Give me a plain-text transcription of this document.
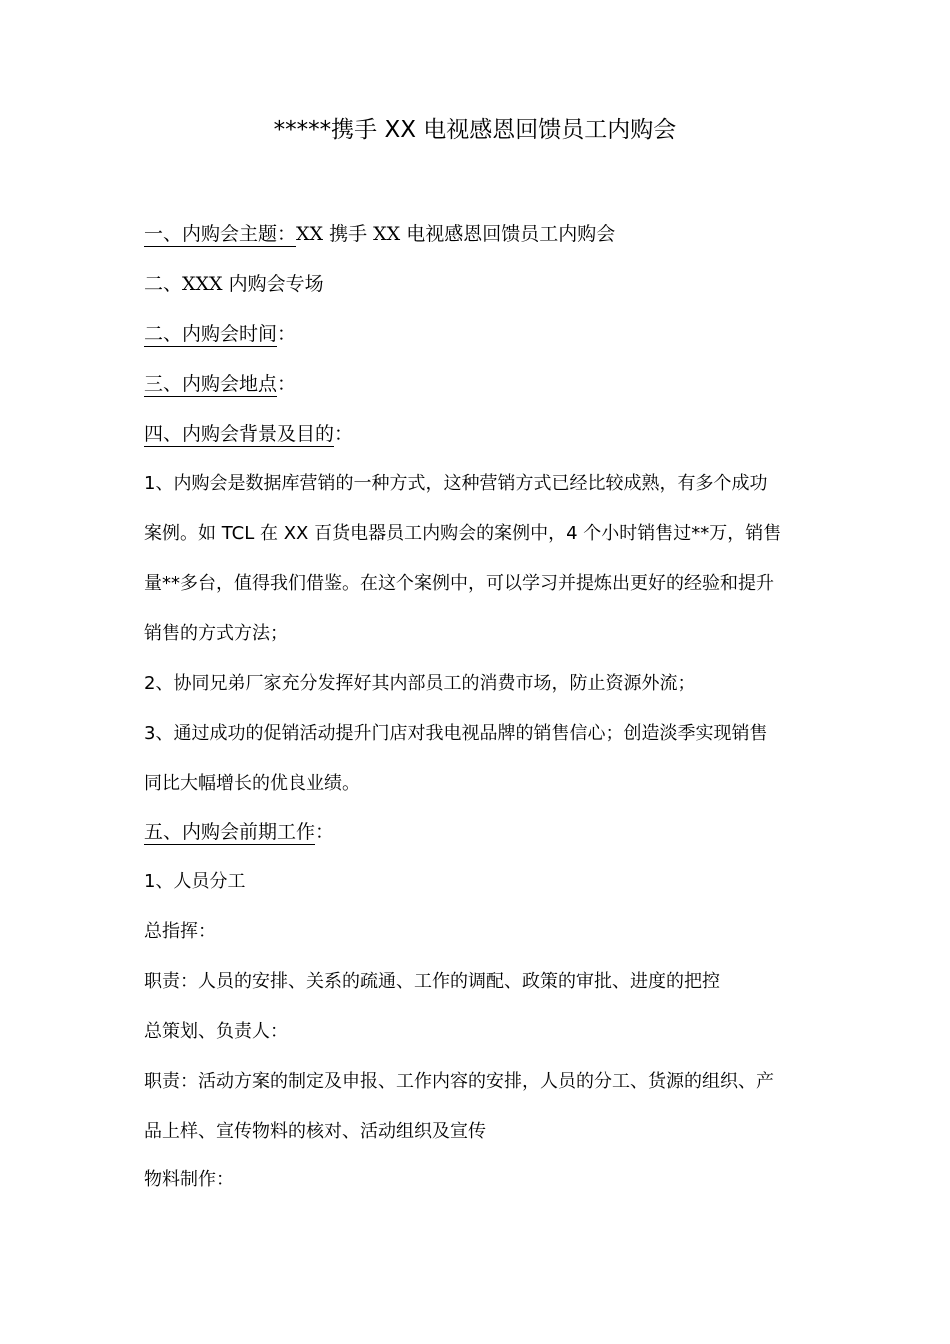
*****携手 XX 电视感恩回馈员工内购会
一、内购会主题：XX 携手 XX 电视感恩回馈员工内购会
二、XXX 内购会专场
二、内购会时间：
三、内购会地点：
四、内购会背景及目的：
1、内购会是数据库营销的一种方式，这种营销方式已经比较成熟，有多个成功
案例。如 TCL 在 XX 百货电器员工内购会的案例中，4 个小时销售过**万，销售
量**多台，值得我们借鉴。在这个案例中，可以学习并提炼出更好的经验和提升
销售的方式方法；
2、协同兄弟厂家充分发挥好其内部员工的消费市场，防止资源外流；
3、通过成功的促销活动提升门店对我电视品牌的销售信心；创造淡季实现销售
同比大幅增长的优良业绩。
五、内购会前期工作：
1、人员分工
总指挥：
职责：人员的安排、关系的疏通、工作的调配、政策的审批、进度的把控
总策划、负责人：
职责：活动方案的制定及申报、工作内容的安排，人员的分工、货源的组织、产
品上样、宣传物料的核对、活动组织及宣传
物料制作：
